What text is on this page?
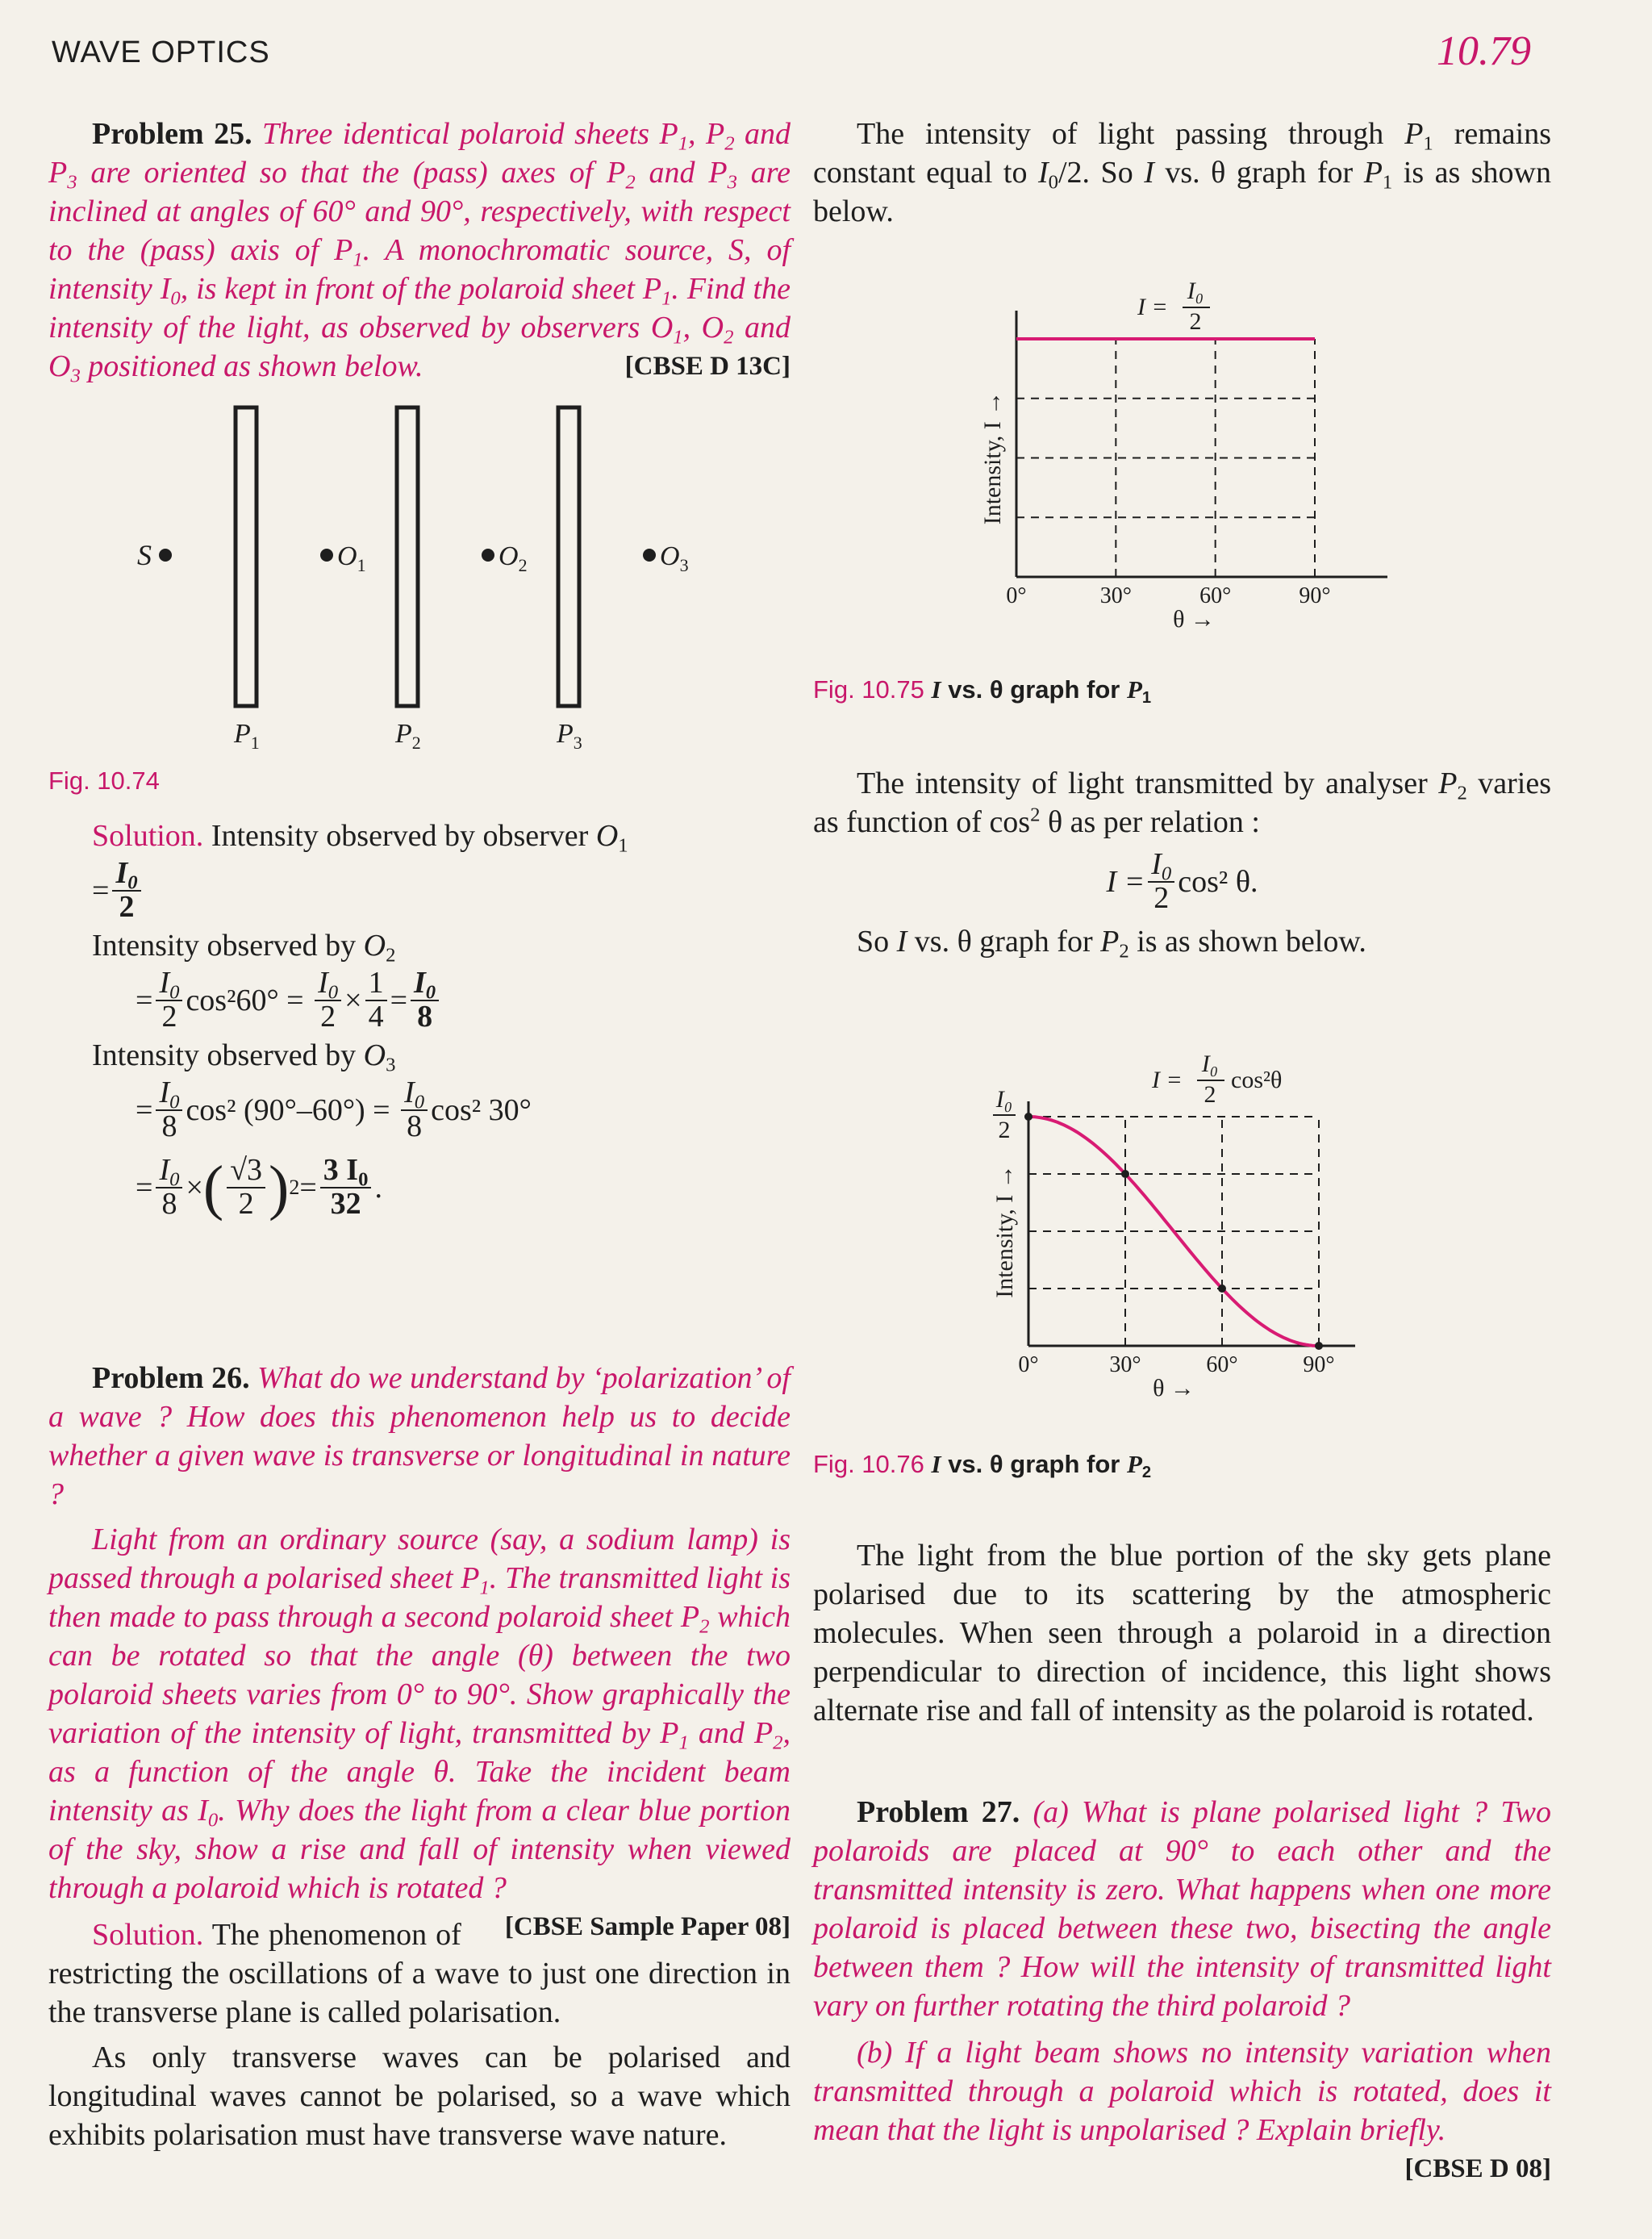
WAVE OPTICS	10.79

Problem 25. Three identical polaroid sheets $P_1$, $P_2$ and $P_3$ are oriented so that the (pass) axes of $P_2$ and $P_3$ are inclined at angles of 60° and 90°, respectively, with respect to the (pass) axis of $P_1$. A monochromatic source, S, of intensity $I_0$, is kept in front of the polaroid sheet $P_1$. Find the intensity of the light, as observed by observers $O_1$, $O_2$ and $O_3$ positioned as shown below.	[CBSE D 13C]

S
$P_1$	$P_2$	$P_3$
$O_1$	$O_2$	$O_3$
Fig. 10.74

Solution. Intensity observed by observer $O_1$

= $\frac{I_0}{2}$

Intensity observed by $O_2$

= $\frac{I_0}{2} \cos^260^\circ$ =
$\frac{I_0}{2} \times \frac{1}{4} = \frac{I_0}{8}$

Intensity observed by $O_3$

= $\frac{I_0}{8} \cos^2$ (90°–60°) =
$\frac{I_0}{8} \cos^2$ 30°
= $\frac{I_0}{8}$ × ( $\frac{√3}{2}$ ) $2 = \frac{3 I_0}{32}$ .

Problem 26. What do we understand by ‘polarization’ of a wave ? How does this phenomenon help us to decide whether a given wave is transverse or longitudinal in nature ?

Light from an ordinary source (say, a sodium lamp) is passed through a polarised sheet $P_1$. The transmitted light is then made to pass through a second polaroid sheet $P_2$ which can be rotated so that the angle (θ) between the two polaroid sheets varies from 0° to 90°. Show graphically the variation of the intensity of light, transmitted by $P_1$ and $P_2$, as a function of the angle θ. Take the incident beam intensity as $I_0$. Why does the light from a clear blue portion of the sky, show a rise and fall of intensity when viewed through a polaroid which is rotated ?
[CBSE Sample Paper 08]

Solution. The phenomenon of restricting the oscillations of a wave to just one direction in the transverse plane is called polarisation.

As only transverse waves can be polarised and longitudinal waves cannot be polarised, so a wave which exhibits polarisation must have transverse wave nature.

The intensity of light passing through $P_1$ remains constant equal to $I_0/2$. So I vs. θ graph for $P_1$ is as shown below.

0°	30°	60°	90°
θ →
Intensity, I →
I =
I₀
2
Fig. 10.75 I vs. θ graph for $P_1$

The intensity of light transmitted by analyser $P_2$ varies as function of $\cos^2 \theta$ as per relation :

$I = \frac{I_0}{2} \cos^2$ θ.

So I vs. θ graph for $P_2$ is as shown below.

I₀
2
0°	30°	60°	90°
θ →
Intensity, I →
I =
I₀
2
cos²θ
Fig. 10.76 I vs. θ graph for $P_2$

The light from the blue portion of the sky gets plane polarised due to its scattering by the atmospheric molecules. When seen through a polaroid in a direction perpendicular to direction of incidence, this light shows alternate rise and fall of intensity as the polaroid is rotated.

Problem 27. (a) What is plane polarised light ? Two polaroids are placed at 90° to each other and the transmitted intensity is zero. What happens when one more polaroid is placed between these two, bisecting the angle between them ? How will the intensity of transmitted light vary on further rotating the third polaroid ?

(b) If a light beam shows no intensity variation when transmitted through a polaroid which is rotated, does it mean that the light is unpolarised ? Explain briefly.
[CBSE D 08]
